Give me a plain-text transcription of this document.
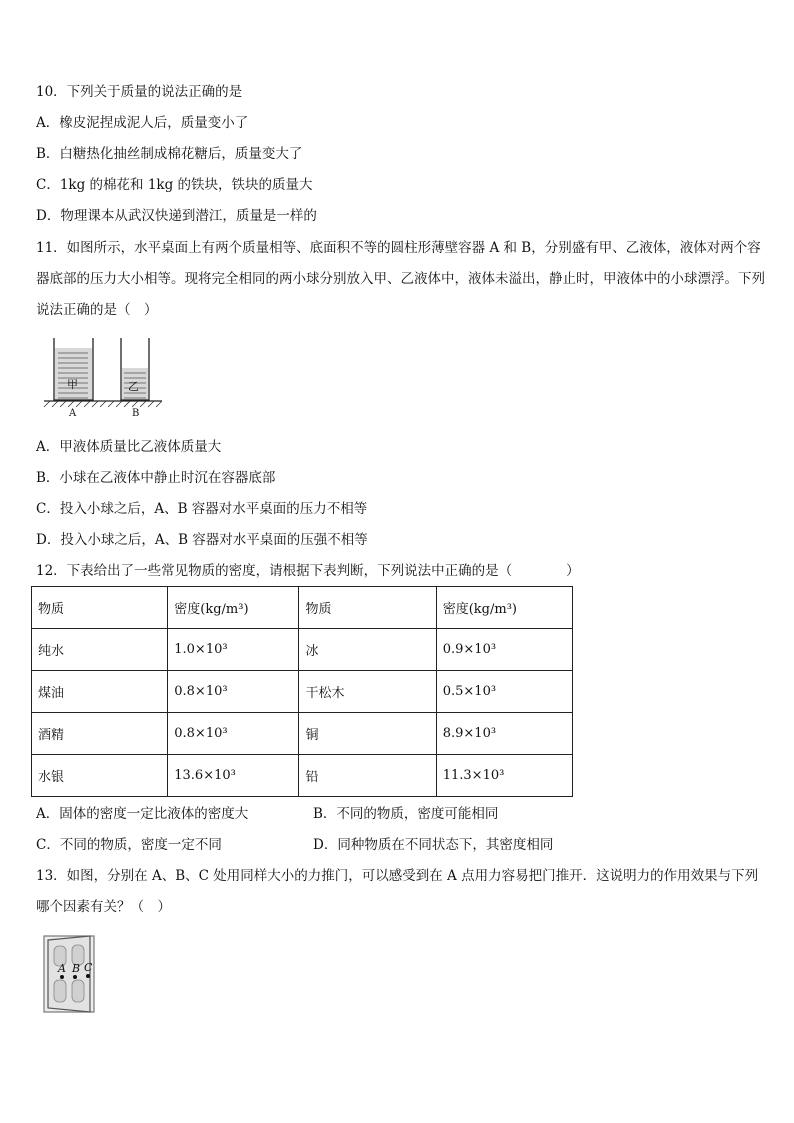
10．下列关于质量的说法正确的是
A．橡皮泥捏成泥人后，质量变小了
B．白糖热化抽丝制成棉花糖后，质量变大了
C．1kg 的棉花和 1kg 的铁块，铁块的质量大
D．物理课本从武汉快递到潜江，质量是一样的
11．如图所示，水平桌面上有两个质量相等、底面积不等的圆柱形薄壁容器 A 和 B，分别盛有甲、乙液体，液体对两个容器底部的压力大小相等。现将完全相同的两小球分别放入甲、乙液体中，液体未溢出，静止时，甲液体中的小球漂浮。下列说法正确的是（　）
甲	乙
A	B
A．甲液体质量比乙液体质量大
B．小球在乙液体中静止时沉在容器底部
C．投入小球之后，A、B 容器对水平桌面的压力不相等
D．投入小球之后，A、B 容器对水平桌面的压强不相等
12．下表给出了一些常见物质的密度，请根据下表判断，下列说法中正确的是（　　　　）
物质	密度(kg/m³)	物质	密度(kg/m³)
纯水	1.0×10³	冰	0.9×10³
煤油	0.8×10³	干松木	0.5×10³
酒精	0.8×10³	铜	8.9×10³
水银	13.6×10³	铅	11.3×10³
A．固体的密度一定比液体的密度大	B．不同的物质，密度可能相同
C．不同的物质，密度一定不同	D．同种物质在不同状态下，其密度相同
13．如图，分别在 A、B、C 处用同样大小的力推门，可以感受到在 A 点用力容易把门推开．这说明力的作用效果与下列哪个因素有关？（　）
A B C
